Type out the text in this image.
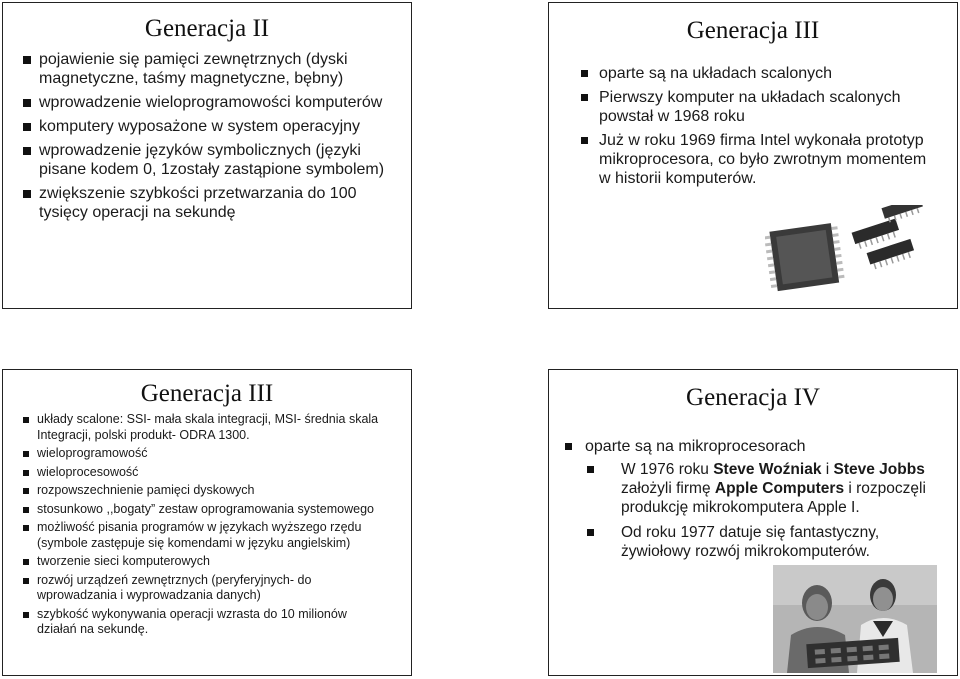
Generacja II
pojawienie się pamięci zewnętrznych (dyski magnetyczne, taśmy magnetyczne, bębny)
wprowadzenie wieloprogramowości komputerów
komputery wyposażone w system operacyjny
wprowadzenie języków symbolicznych (języki pisane kodem 0, 1zostały zastąpione symbolem)
zwiększenie szybkości przetwarzania do 100 tysięcy operacji na sekundę
Generacja III
oparte są na układach scalonych
Pierwszy komputer na układach scalonych powstał w 1968 roku
Już w roku 1969 firma Intel wykonała prototyp mikroprocesora, co było zwrotnym momentem w historii komputerów.
Generacja III
układy scalone: SSI- mała skala integracji, MSI- średnia skala Integracji, polski produkt- ODRA 1300.
wieloprogramowość
wieloprocesowość
rozpowszechnienie pamięci dyskowych
stosunkowo ,,bogaty” zestaw oprogramowania systemowego
możliwość pisania programów w językach wyższego rzędu (symbole zastępuje się komendami w języku angielskim)
tworzenie sieci komputerowych
rozwój urządzeń zewnętrznych (peryferyjnych- do wprowadzania i wyprowadzania danych)
szybkość wykonywania operacji wzrasta do 10 milionów działań na sekundę.
Generacja IV
oparte są na mikroprocesorach
W 1976 roku Steve Woźniak i Steve Jobbs założyli firmę Apple Computers i rozpoczęli produkcję mikrokomputera Apple I.
Od roku 1977 datuje się fantastyczny, żywiołowy rozwój mikrokomputerów.
